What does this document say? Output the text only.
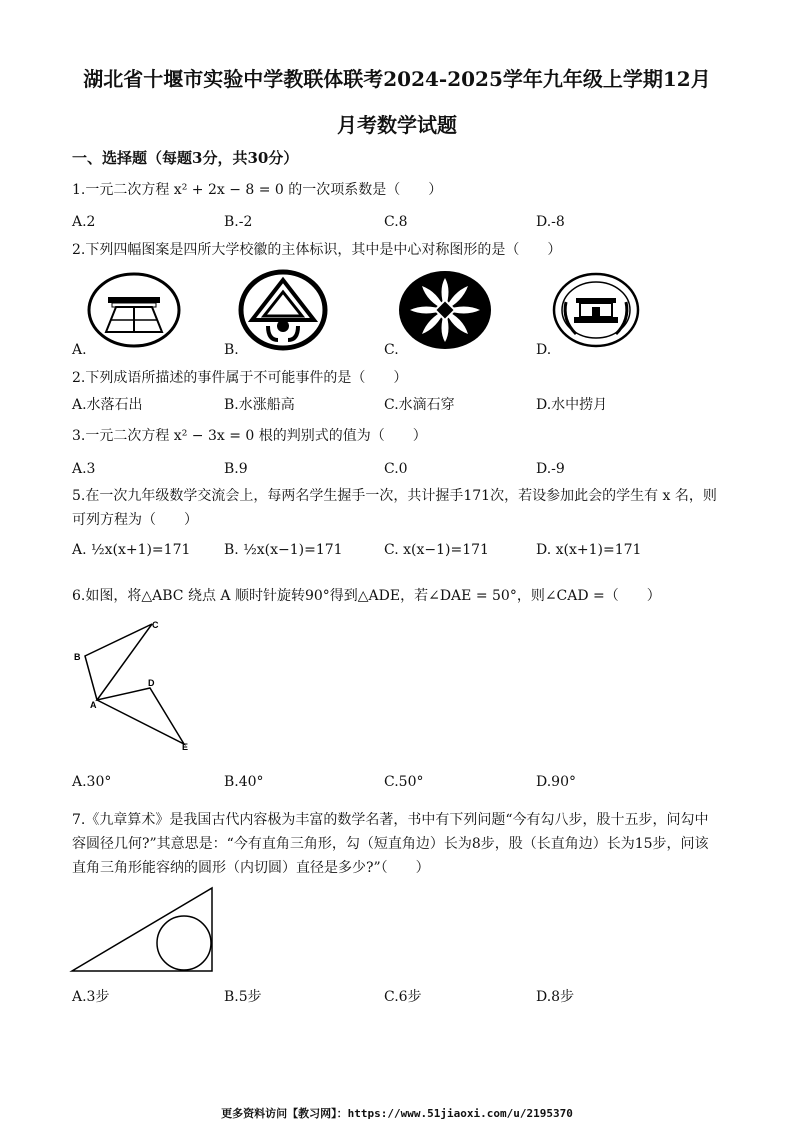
湖北省十堰市实验中学教联体联考2024-2025学年九年级上学期12月
月考数学试题
一、选择题（每题3分，共30分）
1.一元二次方程 x² + 2x − 8 = 0 的一次项系数是（　　）
A.2	B.-2	C.8	D.-8
2.下列四幅图案是四所大学校徽的主体标识，其中是中心对称图形的是（　　）
A.	B.	C.	D.
2.下列成语所描述的事件属于不可能事件的是（　　）
A.水落石出	B.水涨船高	C.水滴石穿	D.水中捞月
3.一元二次方程 x² − 3x = 0 根的判别式的值为（　　）
A.3	B.9	C.0	D.-9
5.在一次九年级数学交流会上，每两名学生握手一次，共计握手171次，若设参加此会的学生有 x 名，则可列方程为（　　）
A. ½x(x+1)=171 B. ½x(x−1)=171	C. x(x−1)=171	D. x(x+1)=171
6.如图，将△ABC 绕点 A 顺时针旋转90°得到△ADE，若∠DAE = 50°，则∠CAD =（　　）
B
C
D
A
E
A.30°	B.40°	C.50°	D.90°
7.《九章算术》是我国古代内容极为丰富的数学名著，书中有下列问题“今有勾八步，股十五步，问勾中容圆径几何?”其意思是：“今有直角三角形，勾（短直角边）长为8步，股（长直角边）长为15步，问该直角三角形能容纳的圆形（内切圆）直径是多少?”（　　）
A.3步	B.5步	C.6步	D.8步
更多资料访问【教习网】：https://www.51jiaoxi.com/u/2195370
